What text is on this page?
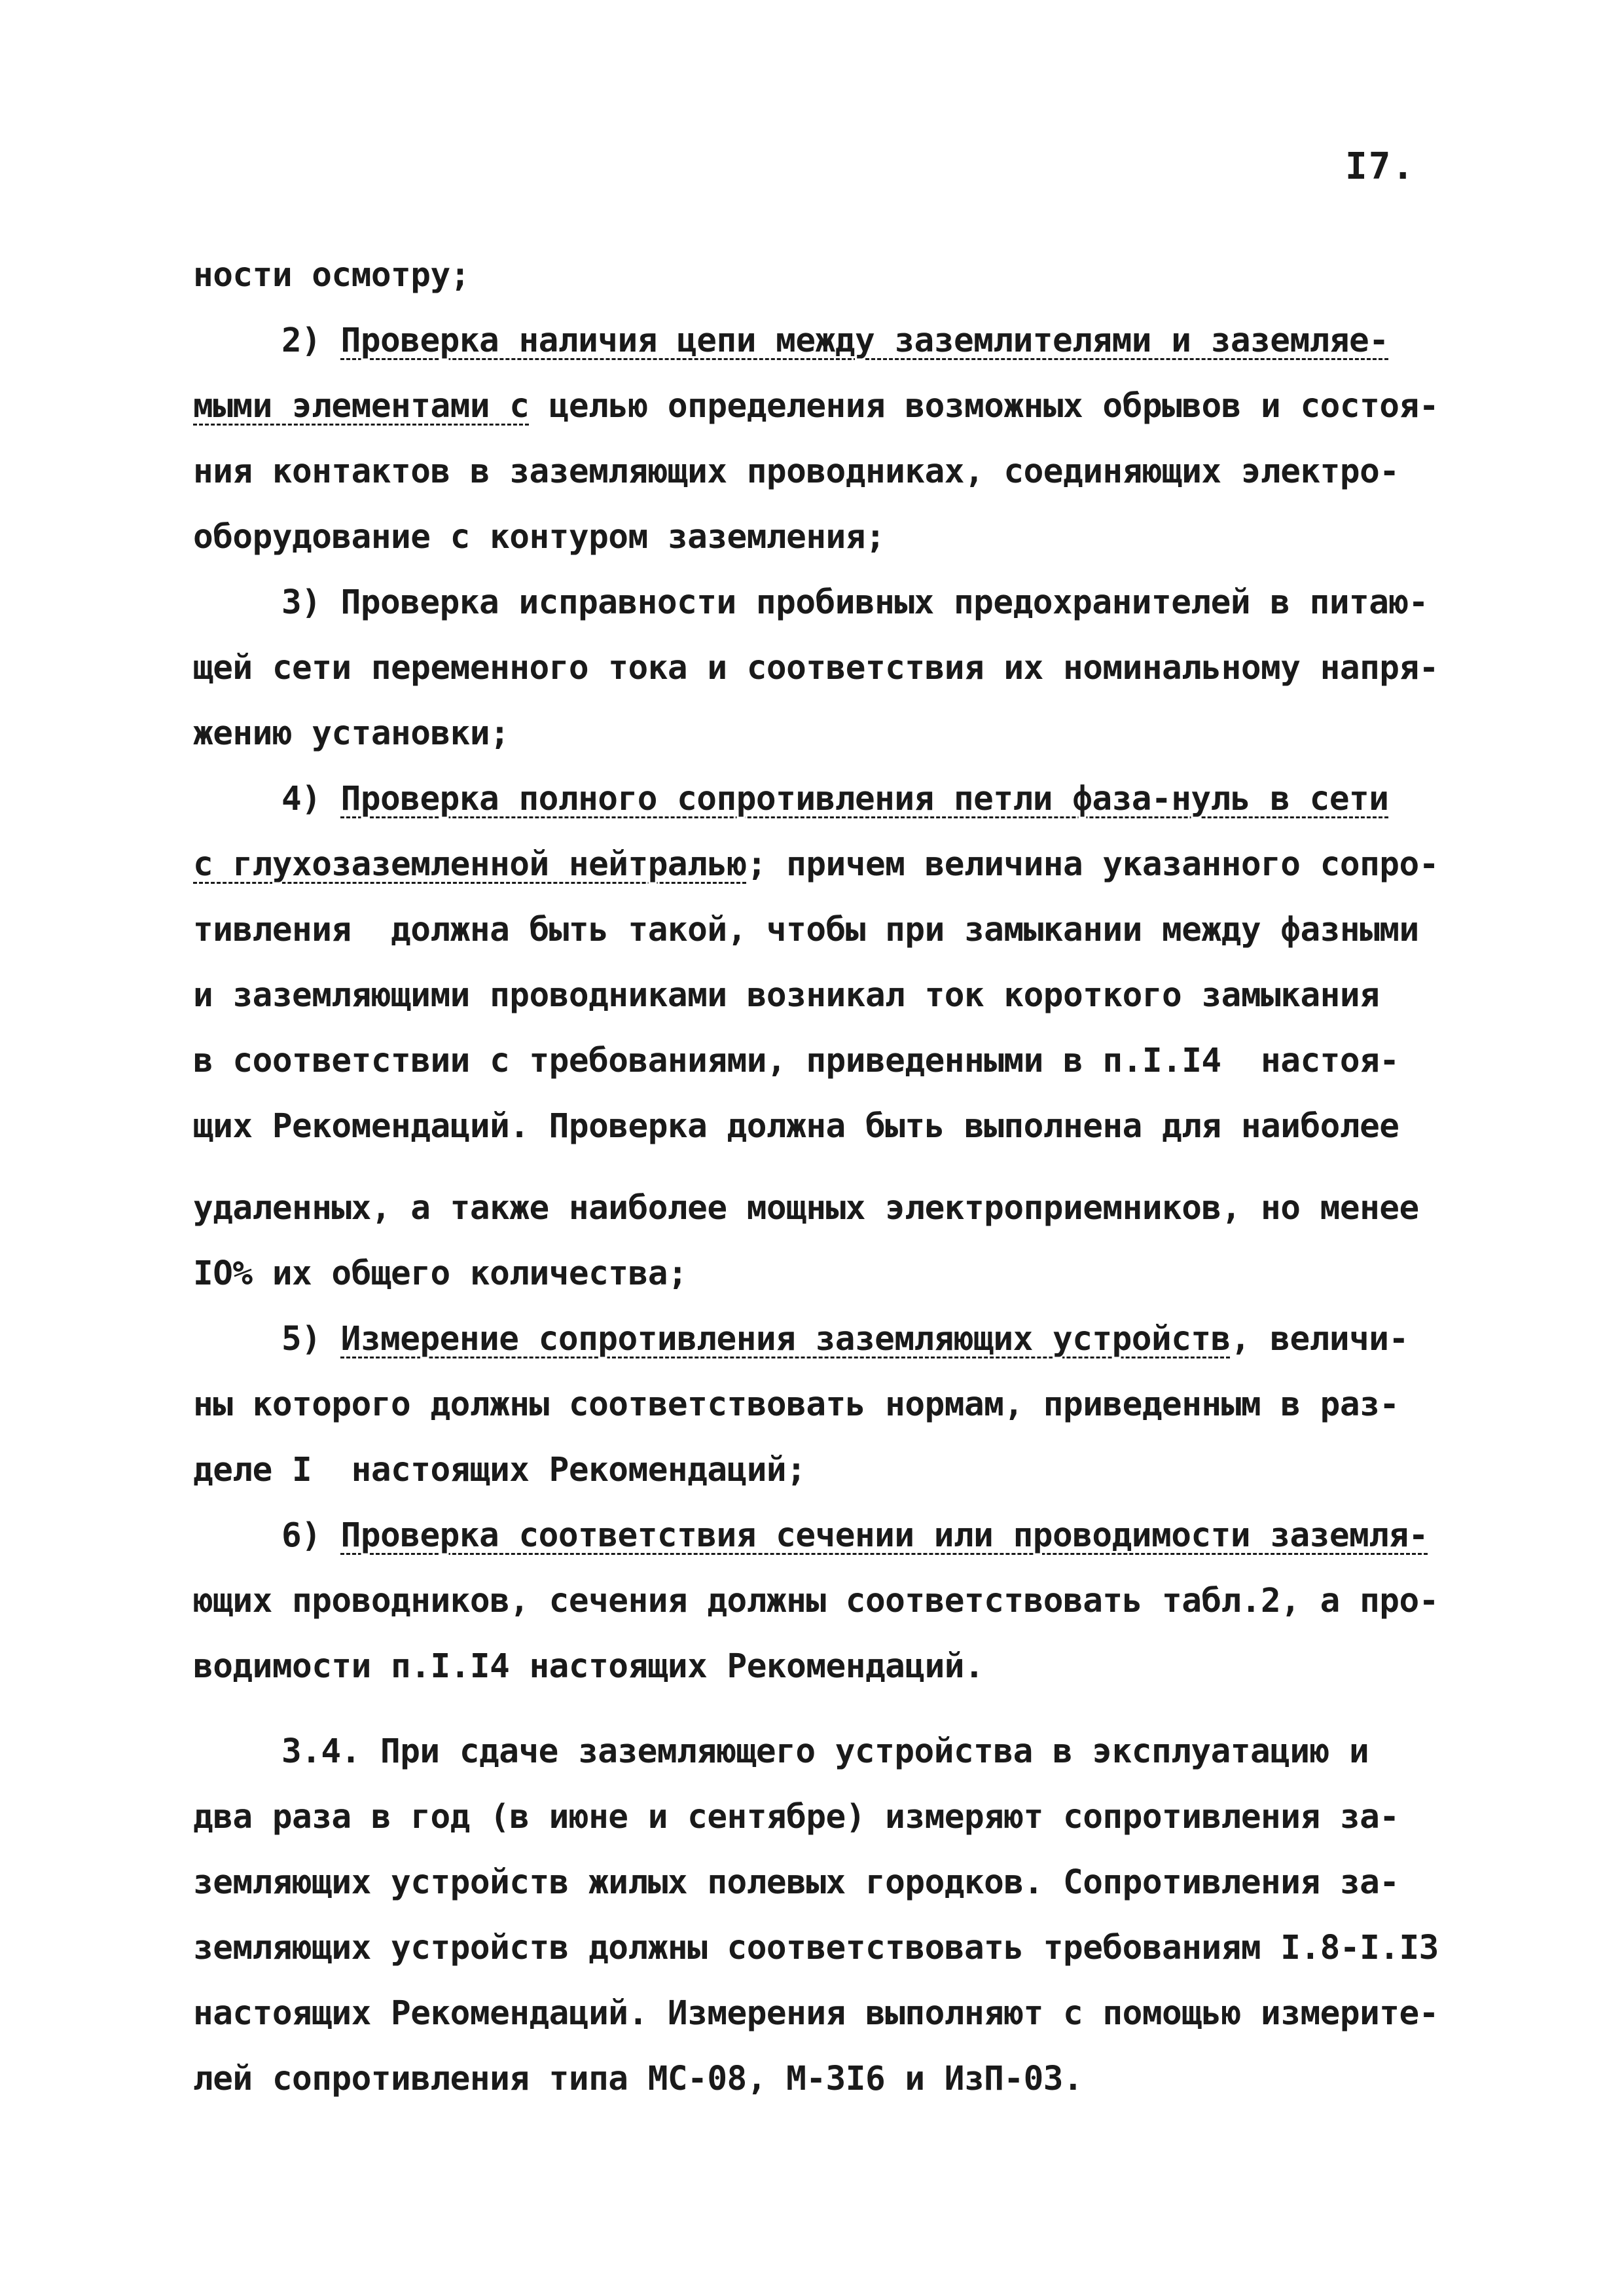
I7.
ности осмотру;
2) Проверка наличия цепи между заземлителями и заземляе-
мыми элементами с целью определения возможных обрывов и состоя-
ния контактов в заземляющих проводниках, соединяющих электро-
оборудование с контуром заземления;
3) Проверка исправности пробивных предохранителей в питаю-
щей сети переменного тока и соответствия их номинальному напря-
жению установки;
4) Проверка полного сопротивления петли фаза-нуль в сети
с глухозаземленной нейтралью; причем величина указанного сопро-
тивления  должна быть такой, чтобы при замыкании между фазными
и заземляющими проводниками возникал ток короткого замыкания
в соответствии с требованиями, приведенными в п.I.I4  настоя-
щих Рекомендаций. Проверка должна быть выполнена для наиболее
удаленных, а также наиболее мощных электроприемников, но менее
IO% их общего количества;
5) Измерение сопротивления заземляющих устройств, величи-
ны которого должны соответствовать нормам, приведенным в раз-
деле I  настоящих Рекомендаций;
6) Проверка соответствия сечении или проводимости заземля-
ющих проводников, сечения должны соответствовать табл.2, а про-
водимости п.I.I4 настоящих Рекомендаций.
3.4. При сдаче заземляющего устройства в эксплуатацию и
два раза в год (в июне и сентябре) измеряют сопротивления за-
земляющих устройств жилых полевых городков. Сопротивления за-
земляющих устройств должны соответствовать требованиям I.8-I.I3
настоящих Рекомендаций. Измерения выполняют с помощью измерите-
лей сопротивления типа МС-08, М-3I6 и ИзП-03.
